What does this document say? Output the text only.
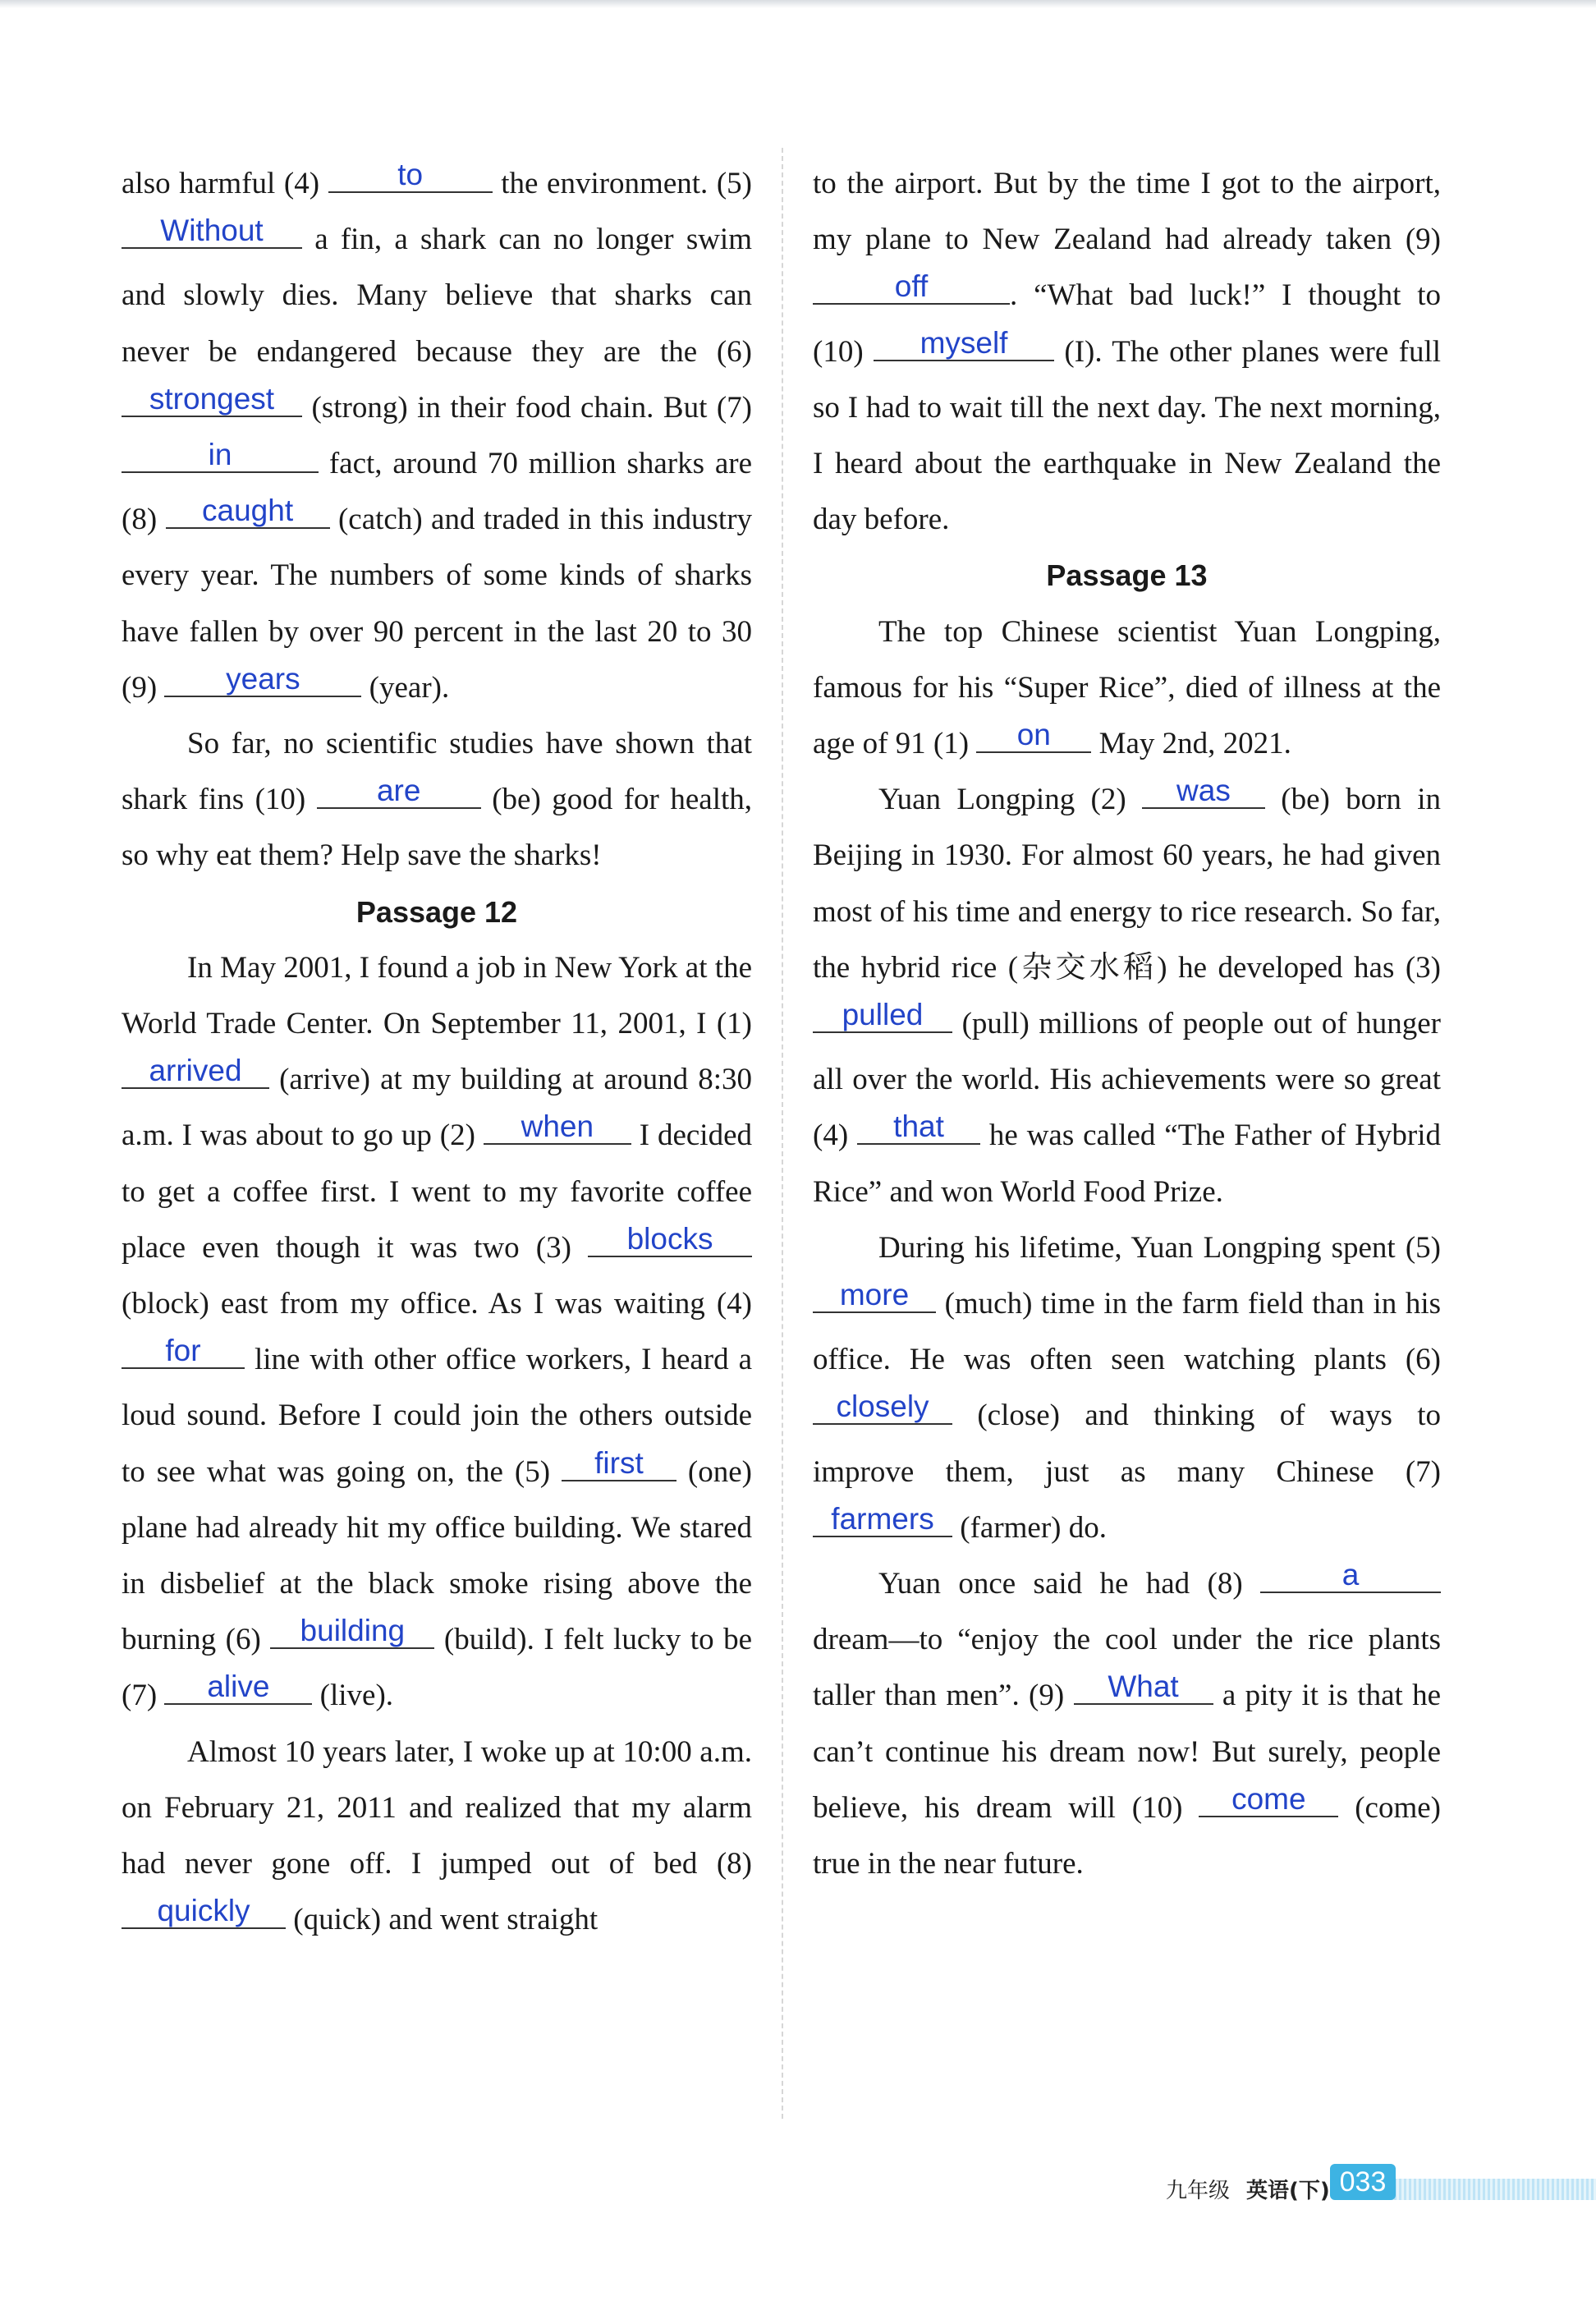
also harmful (4)	to	the environment. (5)
Without	a fin, a shark can no longer swim and slowly dies. Many believe that sharks can never be endangered because they are the (6)
strongest	(strong) in their food chain. But (7)
in	fact, around 70 million sharks are (8)	caught	(catch) and traded in this industry every year. The numbers of some kinds of sharks have fallen by over 90 percent in the last 20 to 30 (9)	years	(year).

So far, no scientific studies have shown that shark fins (10)	are	(be) good for health, so why eat them? Help save the sharks!

Passage 12

In May 2001, I found a job in New York at the World Trade Center. On September 11, 2001, I (1)
arrived	(arrive) at my building at around 8:30 a.m. I was about to go up (2)	when	I decided to get a coffee first. I went to my favorite coffee place even though it was two (3)	blocks
(block) east from my office. As I was waiting (4)
for	line with other office workers, I heard a loud sound. Before I could join the others outside to see what was going on, the (5)	first	(one) plane had already hit my office building. We stared in disbelief at the black smoke rising above the burning (6)	building	(build). I felt lucky to be (7)	alive	(live).

Almost 10 years later, I woke up at 10:00 a.m. on February 21, 2011 and realized that my alarm had never gone off. I jumped out of bed (8)
quickly	(quick) and went straight

to the airport. But by the time I got to the airport, my plane to New Zealand had already taken (9)
off	. “What bad luck!” I thought to (10)	myself	(I). The other planes were full so I had to wait till the next day. The next morning, I heard about the earthquake in New Zealand the day before.

Passage 13

The top Chinese scientist Yuan Longping, famous for his “Super Rice”, died of illness at the age of 91 (1)	on	May 2nd, 2021.

Yuan Longping (2)	was	(be) born in Beijing in 1930. For almost 60 years, he had given most of his time and energy to rice research. So far, the hybrid rice (杂交水稻) he developed has (3)
pulled	(pull) millions of people out of hunger all over the world. His achievements were so great (4)	that	he was called “The Father of Hybrid Rice” and won World Food Prize.

During his lifetime, Yuan Longping spent (5)
more	(much) time in the farm field than in his office. He was often seen watching plants (6)
closely	(close) and thinking of ways to improve them, just as many Chinese (7)
farmers (farmer) do.

Yuan once said he had (8)	a
dream—to “enjoy the cool under the rice plants taller than men”. (9)	What	a pity it is that he can’t continue his dream now! But surely, people believe, his dream will (10)	come	(come) true in the near future.

九年级 英语(下) 033
